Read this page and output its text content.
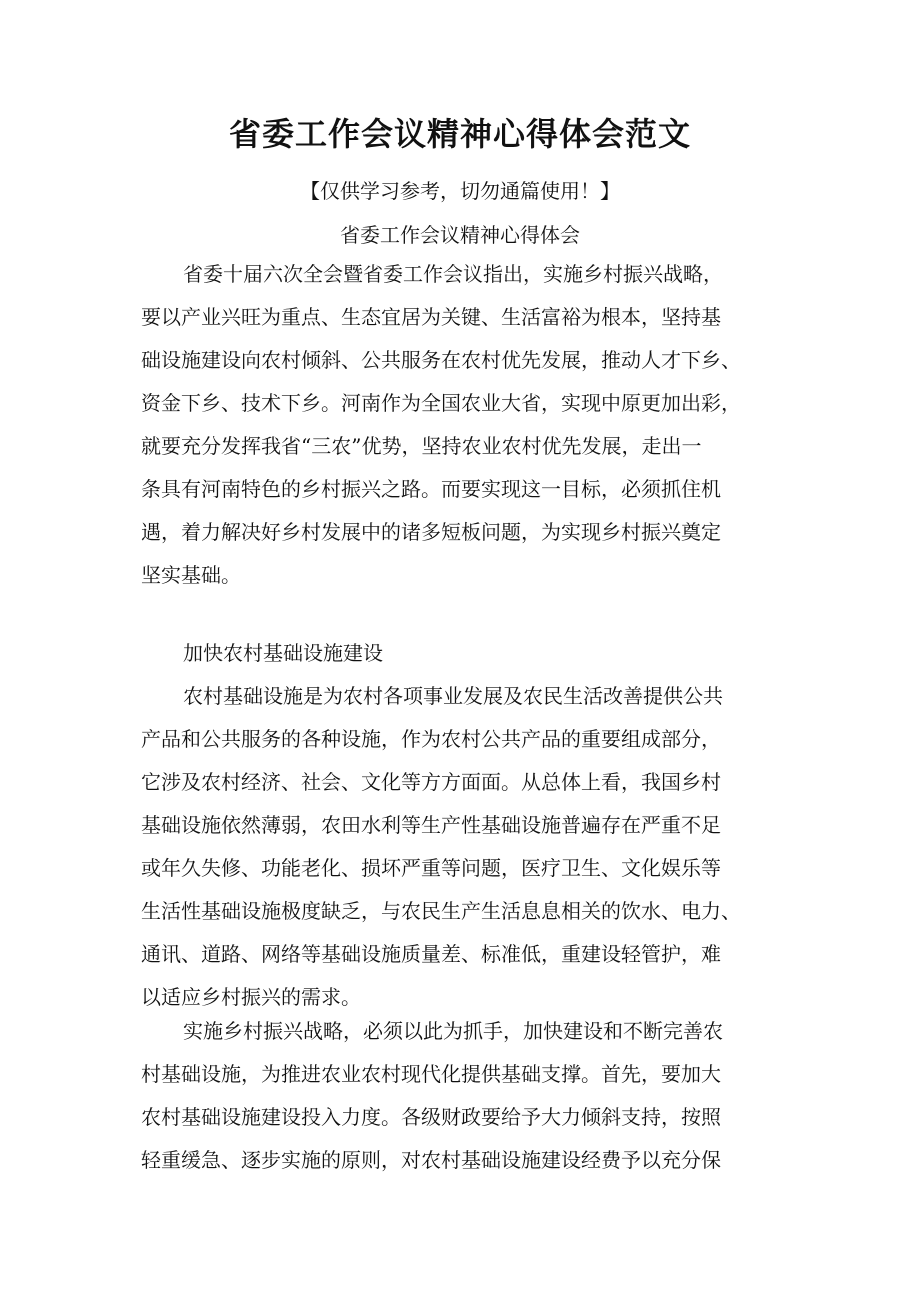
省委工作会议精神心得体会范文
【仅供学习参考，切勿通篇使用！】
省委工作会议精神心得体会
省委十届六次全会暨省委工作会议指出，实施乡村振兴战略，
要以产业兴旺为重点、生态宜居为关键、生活富裕为根本，坚持基
础设施建设向农村倾斜、公共服务在农村优先发展，推动人才下乡、
资金下乡、技术下乡。河南作为全国农业大省，实现中原更加出彩，
就要充分发挥我省“三农”优势，坚持农业农村优先发展，走出一
条具有河南特色的乡村振兴之路。而要实现这一目标，必须抓住机
遇，着力解决好乡村发展中的诸多短板问题，为实现乡村振兴奠定
坚实基础。
加快农村基础设施建设
农村基础设施是为农村各项事业发展及农民生活改善提供公共
产品和公共服务的各种设施，作为农村公共产品的重要组成部分，
它涉及农村经济、社会、文化等方方面面。从总体上看，我国乡村
基础设施依然薄弱，农田水利等生产性基础设施普遍存在严重不足
或年久失修、功能老化、损坏严重等问题，医疗卫生、文化娱乐等
生活性基础设施极度缺乏，与农民生产生活息息相关的饮水、电力、
通讯、道路、网络等基础设施质量差、标准低，重建设轻管护，难
以适应乡村振兴的需求。
实施乡村振兴战略，必须以此为抓手，加快建设和不断完善农
村基础设施，为推进农业农村现代化提供基础支撑。首先，要加大
农村基础设施建设投入力度。各级财政要给予大力倾斜支持，按照
轻重缓急、逐步实施的原则，对农村基础设施建设经费予以充分保
